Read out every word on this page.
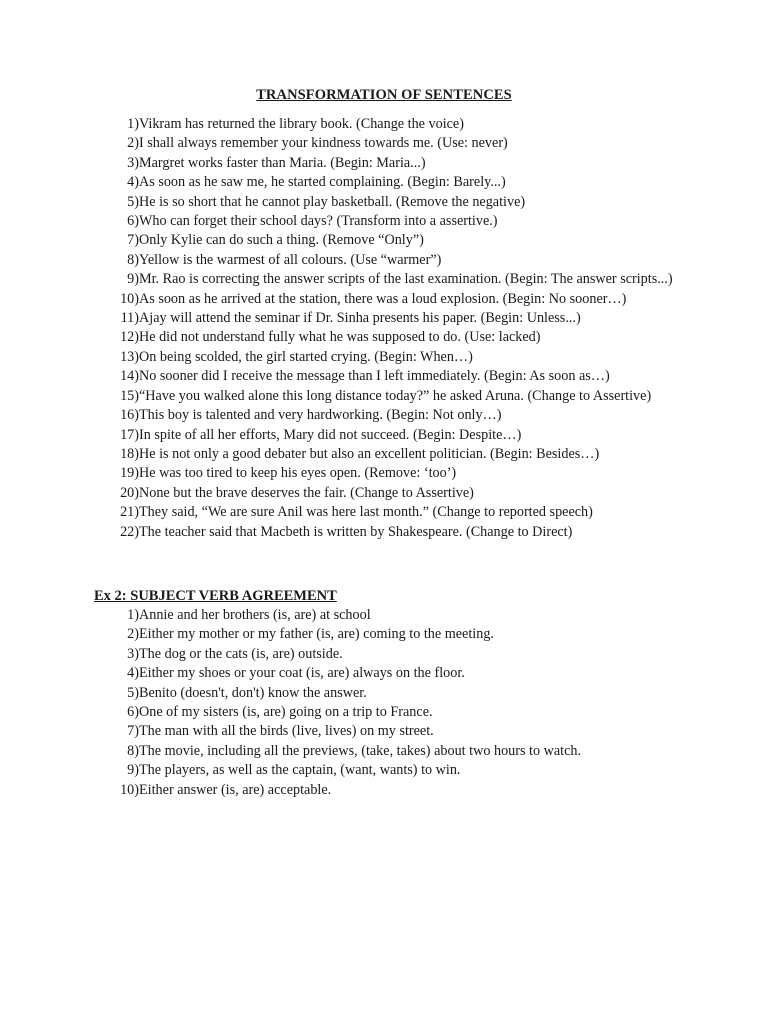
TRANSFORMATION OF SENTENCES
1) Vikram has returned the library book. (Change the voice)
2) I shall always remember your kindness towards me. (Use: never)
3) Margret works faster than Maria. (Begin: Maria...)
4) As soon as he saw me, he started complaining. (Begin: Barely...)
5) He is so short that he cannot play basketball. (Remove the negative)
6) Who can forget their school days? (Transform into a assertive.)
7) Only Kylie can do such a thing. (Remove “Only”)
8) Yellow is the warmest of all colours. (Use “warmer”)
9) Mr. Rao is correcting the answer scripts of the last examination. (Begin: The answer scripts...)
10) As soon as he arrived at the station, there was a loud explosion. (Begin: No sooner…)
11) Ajay will attend the seminar if Dr. Sinha presents his paper. (Begin: Unless...)
12) He did not understand fully what he was supposed to do. (Use: lacked)
13) On being scolded, the girl started crying. (Begin: When…)
14) No sooner did I receive the message than I left immediately. (Begin: As soon as…)
15) “Have you walked alone this long distance today?” he asked Aruna. (Change to Assertive)
16) This boy is talented and very hardworking. (Begin: Not only…)
17) In spite of all her efforts, Mary did not succeed. (Begin: Despite…)
18) He is not only a good debater but also an excellent politician. (Begin: Besides…)
19) He was too tired to keep his eyes open. (Remove: ‘too’)
20) None but the brave deserves the fair. (Change to Assertive)
21) They said, “We are sure Anil was here last month.” (Change to reported speech)
22) The teacher said that Macbeth is written by Shakespeare. (Change to Direct)
Ex 2: SUBJECT VERB AGREEMENT
1) Annie and her brothers (is, are) at school
2) Either my mother or my father (is, are) coming to the meeting.
3) The dog or the cats (is, are) outside.
4) Either my shoes or your coat (is, are) always on the floor.
5) Benito (doesn't, don't) know the answer.
6) One of my sisters (is, are) going on a trip to France.
7) The man with all the birds (live, lives) on my street.
8) The movie, including all the previews, (take, takes) about two hours to watch.
9) The players, as well as the captain, (want, wants) to win.
10) Either answer (is, are) acceptable.
